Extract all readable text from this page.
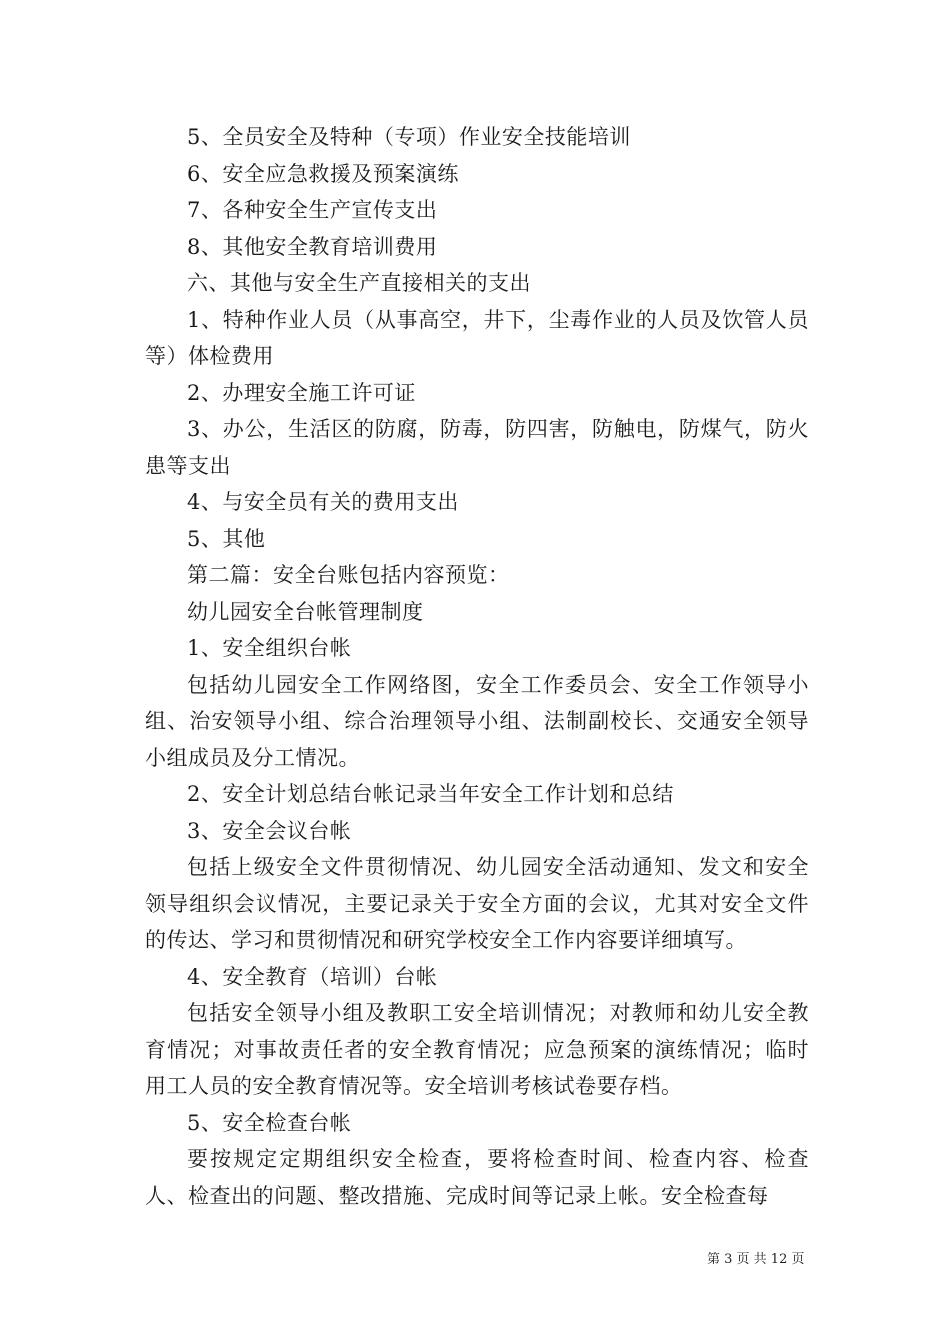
5、全员安全及特种（专项）作业安全技能培训

6、安全应急救援及预案演练

7、各种安全生产宣传支出

8、其他安全教育培训费用

六、其他与安全生产直接相关的支出

1、特种作业人员（从事高空，井下，尘毒作业的人员及饮管人员等）体检费用

2、办理安全施工许可证

3、办公，生活区的防腐，防毒，防四害，防触电，防煤气，防火患等支出

4、与安全员有关的费用支出

5、其他

第二篇：安全台账包括内容预览：

幼儿园安全台帐管理制度

1、安全组织台帐

包括幼儿园安全工作网络图，安全工作委员会、安全工作领导小组、治安领导小组、综合治理领导小组、法制副校长、交通安全领导小组成员及分工情况。

2、安全计划总结台帐记录当年安全工作计划和总结

3、安全会议台帐

包括上级安全文件贯彻情况、幼儿园安全活动通知、发文和安全领导组织会议情况，主要记录关于安全方面的会议，尤其对安全文件的传达、学习和贯彻情况和研究学校安全工作内容要详细填写。

4、安全教育（培训）台帐

包括安全领导小组及教职工安全培训情况；对教师和幼儿安全教育情况；对事故责任者的安全教育情况；应急预案的演练情况；临时用工人员的安全教育情况等。安全培训考核试卷要存档。

5、安全检查台帐

要按规定定期组织安全检查，要将检查时间、检查内容、检查人、检查出的问题、整改措施、完成时间等记录上帐。安全检查每

第 3 页 共 12 页
